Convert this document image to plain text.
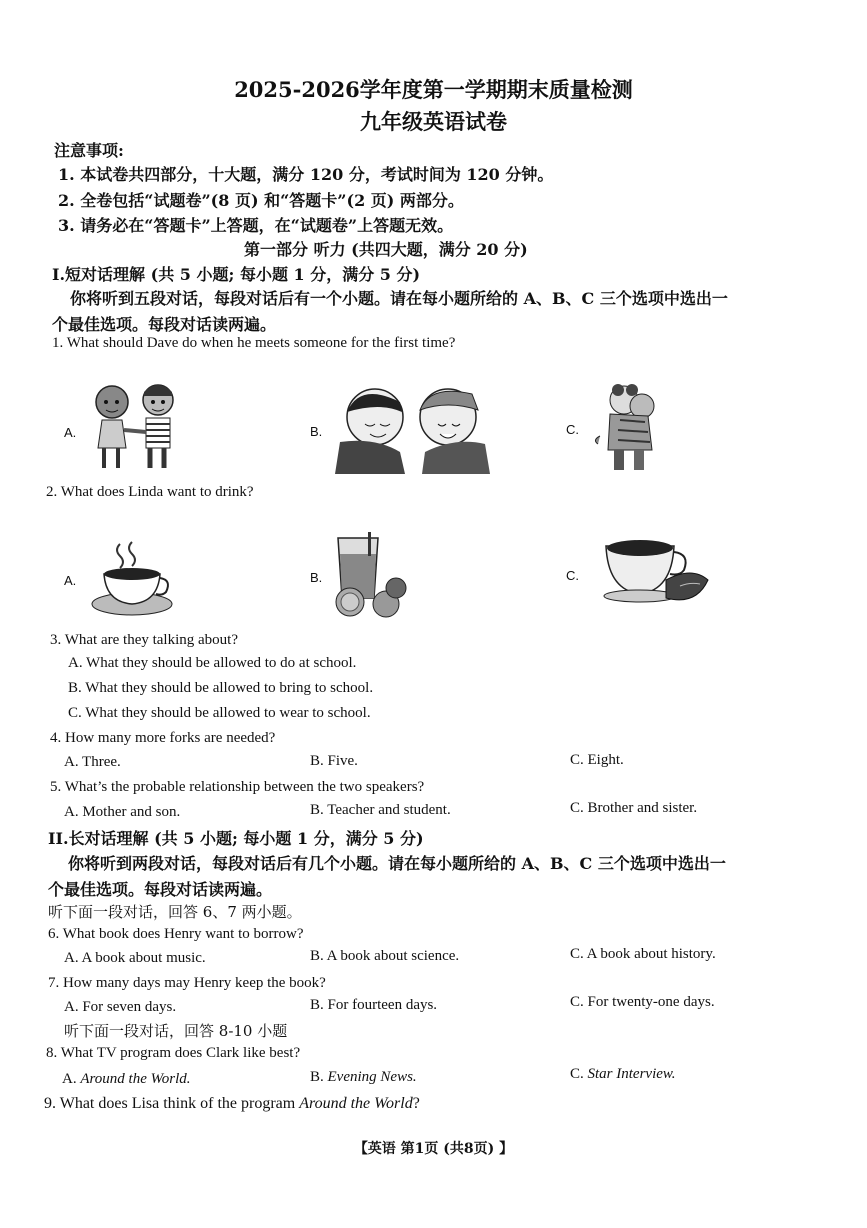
2025-2026学年度第一学期期末质量检测
九年级英语试卷
注意事项:
1. 本试卷共四部分，十大题，满分 120 分，考试时间为 120 分钟。
2. 全卷包括“试题卷”(8 页) 和“答题卡”(2 页) 两部分。
3. 请务必在“答题卡”上答题，在“试题卷”上答题无效。
第一部分 听力 (共四大题，满分 20 分)
I.短对话理解 (共 5 小题; 每小题 1 分，满分 5 分)
你将听到五段对话，每段对话后有一个小题。请在每小题所给的 A、B、C 三个选项中选出一
个最佳选项。每段对话读两遍。
1. What should Dave do when he meets someone for the first time?
A.	B.	C.
2. What does Linda want to drink?
A.	B.	C.
3. What are they talking about?
A. What they should be allowed to do at school.
B. What they should be allowed to bring to school.
C. What they should be allowed to wear to school.
4. How many more forks are needed?
A. Three.	B. Five.	C. Eight.
5. What’s the probable relationship between the two speakers?
A. Mother and son.	B. Teacher and student.	C. Brother and sister.
II.长对话理解 (共 5 小题; 每小题 1 分，满分 5 分)
你将听到两段对话，每段对话后有几个小题。请在每小题所给的 A、B、C 三个选项中选出一
个最佳选项。每段对话读两遍。
听下面一段对话，回答 6、7 两小题。
6. What book does Henry want to borrow?
A. A book about music.	B. A book about science.	C. A book about history.
7. How many days may Henry keep the book?
A. For seven days.	B. For fourteen days.	C. For twenty-one days.
听下面一段对话，回答 8-10 小题
8. What TV program does Clark like best?
A. Around the World.	B. Evening News.	C. Star Interview.
9. What does Lisa think of the program Around the World?
【英语 第1页 (共8页) 】
